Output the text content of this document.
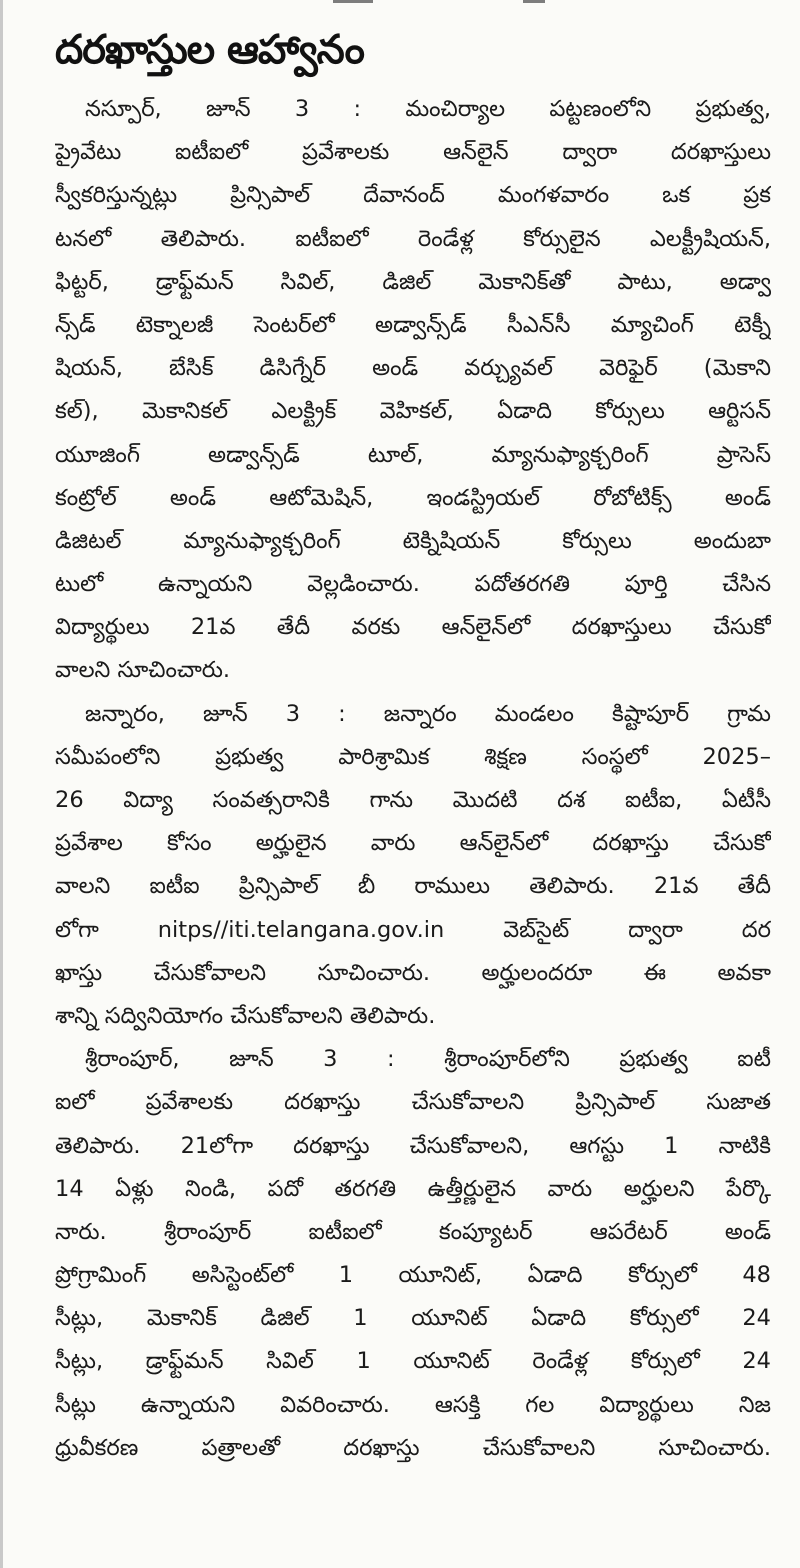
దరఖాస్తుల ఆహ్వానం
నస్పూర్, జూన్ 3 : మంచిర్యాల పట్టణంలోని ప్రభుత్వ,
ప్రైవేటు ఐటీఐలో ప్రవేశాలకు ఆన్‌లైన్ ద్వారా దరఖాస్తులు
స్వీకరిస్తున్నట్లు ప్రిన్సిపాల్ దేవానంద్ మంగళవారం ఒక ప్రక
టనలో తెలిపారు. ఐటీఐలో రెండేళ్ల కోర్సులైన ఎలక్ట్రీషియన్,
ఫిట్టర్, డ్రాఫ్ట్‌మన్ సివిల్, డిజిల్ మెకానిక్‌తో పాటు, అడ్వా
న్స్‌డ్ టెక్నాలజీ సెంటర్‌లో అడ్వాన్స్‌డ్ సీఎన్‌సీ మ్యాచింగ్ టెక్నీ
షియన్, బేసిక్ డిసిగ్నేర్ అండ్ వర్చ్యువల్ వెరిఫైర్ (మెకాని
కల్), మెకానికల్ ఎలక్ట్రిక్ వెహికల్, ఏడాది కోర్సులు ఆర్టిసన్
యూజింగ్ అడ్వాన్స్‌డ్ టూల్, మ్యానుఫ్యాక్చరింగ్ ప్రాసెస్
కంట్రోల్ అండ్ ఆటోమెషిన్, ఇండస్ట్రియల్ రోబోటిక్స్ అండ్
డిజిటల్ మ్యానుఫ్యాక్చరింగ్ టెక్నిషియన్ కోర్సులు అందుబా
టులో ఉన్నాయని వెల్లడించారు. పదోతరగతి పూర్తి చేసిన
విద్యార్థులు 21వ తేదీ వరకు ఆన్‌లైన్‌లో దరఖాస్తులు చేసుకో
వాలని సూచించారు.
జన్నారం, జూన్ 3 : జన్నారం మండలం కిష్టాపూర్ గ్రామ
సమీపంలోని ప్రభుత్వ పారిశ్రామిక శిక్షణ సంస్థలో 2025–
26 విద్యా సంవత్సరానికి గాను మొదటి దశ ఐటీఐ, ఏటీసీ
ప్రవేశాల కోసం అర్హులైన వారు ఆన్‌లైన్‌లో దరఖాస్తు చేసుకో
వాలని ఐటీఐ ప్రిన్సిపాల్ బీ రాములు తెలిపారు. 21వ తేదీ
లోగా nitps//iti.telangana.gov.in వెబ్‌సైట్ ద్వారా దర
ఖాస్తు చేసుకోవాలని సూచించారు. అర్హులందరూ ఈ అవకా
శాన్ని సద్వినియోగం చేసుకోవాలని తెలిపారు.
శ్రీరాంపూర్, జూన్ 3 : శ్రీరాంపూర్‌లోని ప్రభుత్వ ఐటీ
ఐలో ప్రవేశాలకు దరఖాస్తు చేసుకోవాలని ప్రిన్సిపాల్ సుజాత
తెలిపారు. 21లోగా దరఖాస్తు చేసుకోవాలని, ఆగస్టు 1 నాటికి
14 ఏళ్లు నిండి, పదో తరగతి ఉత్తీర్ణులైన వారు అర్హులని పేర్కొ
నారు. శ్రీరాంపూర్ ఐటీఐలో కంప్యూటర్ ఆపరేటర్ అండ్
ప్రోగ్రామింగ్ అసిస్టెంట్‌లో 1 యూనిట్, ఏడాది కోర్సులో 48
సీట్లు, మెకానిక్ డిజిల్ 1 యూనిట్ ఏడాది కోర్సులో 24
సీట్లు, డ్రాఫ్ట్‌మన్ సివిల్ 1 యూనిట్ రెండేళ్ల కోర్సులో 24
సీట్లు ఉన్నాయని వివరించారు. ఆసక్తి గల విద్యార్థులు నిజ
ధ్రువీకరణ పత్రాలతో దరఖాస్తు చేసుకోవాలని సూచించారు.
